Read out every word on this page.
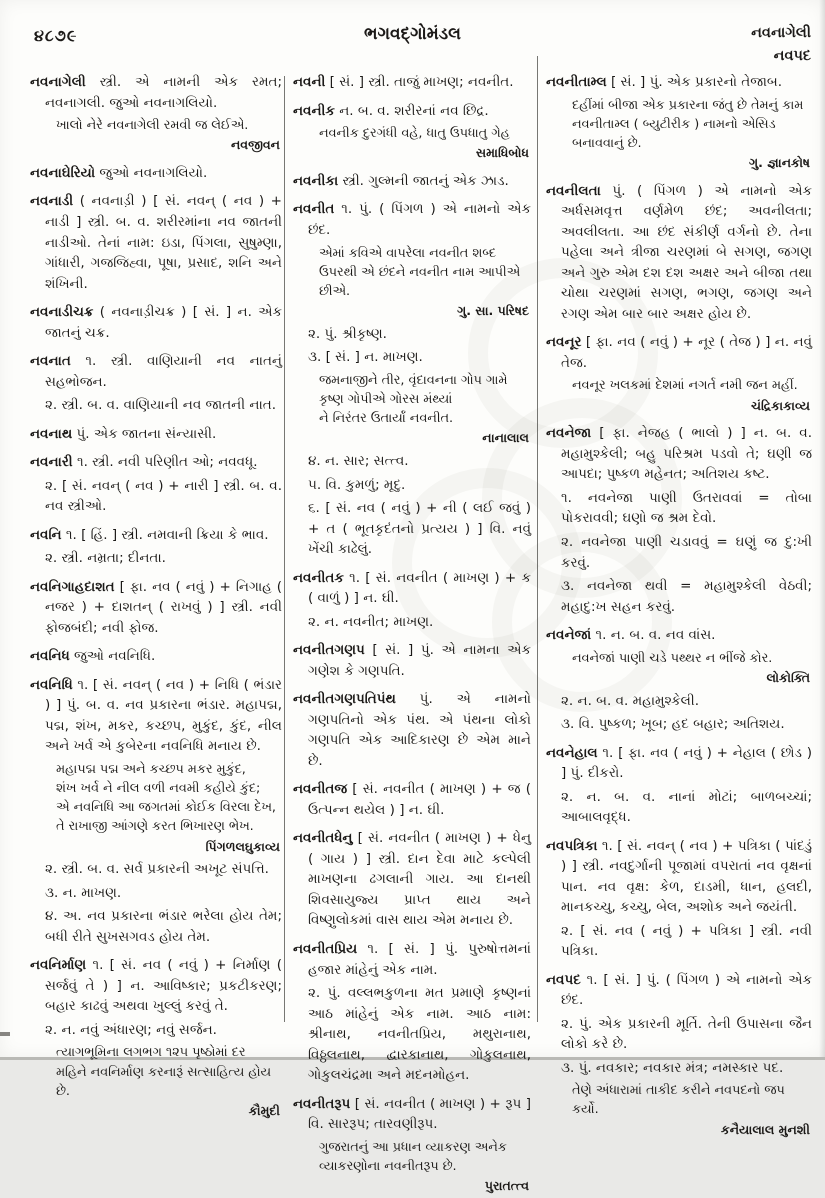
૪૮૭૯	ભગવદ્ગોમંડલ	નવનાગેલી
નવપદ
નવનાગેલી સ્ત્રી. એ નામની એક રમત; નવનાગલી. જુઓ નવનાગલિયો.
ખાલો નેરે નવનાગેલી રમવી જ લેઈએ.
નવજીવન
નવનાઘેરિયો જુઓ નવનાગલિયો.
નવનાડી ( નવનાડ઼ી ) [ સં. નવન્ ( નવ ) + નાડી ] સ્ત્રી. બ. વ. શરીરમાંના નવ જાતની નાડીઓ. તેનાં નામ: ઇડા, પિંગલા, સુષુમ્ણા, ગાંધારી, ગજજિહ્વા, પૂષા, પ્રસાદ, શનિ અને શંખિની.
નવનાડીચક્ર ( નવનાડ઼ીચક્ર ) [ સં. ] ન. એક જાતનું ચક્ર.
નવનાત ૧. સ્ત્રી. વાણિયાની નવ નાતનું સહભોજન.
૨. સ્ત્રી. બ. વ. વાણિયાની નવ જાતની નાત.
નવનાથ પું. એક જાતના સંન્યાસી.
નવનારી ૧. સ્ત્રી. નવી પરિણીત ઓ; નવવધૂ.
૨. [ સં. નવન્ ( નવ ) + નારી ] સ્ત્રી. બ. વ. નવ સ્ત્રીઓ.
નવનિ ૧. [ હિં. ] સ્ત્રી. નમવાની ક્રિયા કે ભાવ.
૨. સ્ત્રી. નમ્રતા; દીનતા.
નવનિગાહદાશત [ ફા. નવ ( નવું ) + નિગાહ ( નજર ) + દાશતન્ ( રાખવું ) ] સ્ત્રી. નવી ફોજબંદી; નવી ફોજ.
નવનિધ જુઓ નવનિધિ.
નવનિધિ ૧. [ સં. નવન્ ( નવ ) + નિધિ ( ભંડાર ) ] પું. બ. વ. નવ પ્રકારના ભંડાર. મહાપદ્મ, પદ્મ, શંખ, મકર, કચ્છપ, મુકુંદ, કુંદ, નીલ અને ખર્વ એ કુબેરના નવનિધિ મનાય છે.
મહાપદ્મ પદ્મ અને કચ્છપ મકર મુકુંદ,
શંખ ખર્વ ને નીલ વળી નવમી કહીયે કુંદ;
એ નવનિધિ આ જગતમાં કોઈક વિરલા દેખ,
તે રાખાજી આંગણે કરત ભિખારણ ભેખ.
પિંગળલઘુકાવ્ય
૨. સ્ત્રી. બ. વ. સર્વ પ્રકારની અખૂટ સંપત્તિ.
૩. ન. માખણ.
૪. અ. નવ પ્રકારના ભંડાર ભરેલા હોય તેમ; બધી રીતે સુખસગવડ હોય તેમ.
નવનિર્માણ ૧. [ સં. નવ ( નવું ) + નિર્માણ ( સર્જવું તે ) ] ન. આવિષ્કાર; પ્રકટીકરણ; બહાર કાઢવું અથવા ખુલ્લું કરવું તે.
૨. ન. નવું અંધારણ; નવું સર્જન.
ત્યાગભૂમિના લગભગ ૧૨૫ પૃષ્ઠોમાં દર મહિને નવનિર્માણ કરનારૂં સત્સાહિત્ય હોય છે.
કૌમુદી
નવની [ સં. ] સ્ત્રી. તાજું માખણ; નવનીત.
નવનીક ન. બ. વ. શરીરનાં નવ છિદ્ર.
નવનીક દુરગંધી વહે, ધાતુ ઉપધાતુ ગેહ
સમાધિબોધ
નવનીકા સ્ત્રી. ગુલ્મની જાતનું એક ઝાડ.
નવનીત ૧. પું. ( પિંગળ ) એ નામનો એક છંદ.
એમાં કવિએ વાપરેલા નવનીત શબ્દ ઉપરથી એ છંદને નવનીત નામ આપીએ છીએ.
ગુ. સા. પરિષદ
૨. પું. શ્રીકૃષ્ણ.
૩. [ સં. ] ન. માખણ.
જમનાજીને તીર, વૃંદાવનના ગોપ ગામે
કૃષ્ણ ગોપીએ ગોરસ મંથ્યાં
ને નિરંતર ઉતાર્યાં નવનીત.
નાનાલાલ
૪. ન. સાર; સત્ત્વ.
૫. વિ. કુમળું; મૃદુ.
૬. [ સં. નવ ( નવું ) + ની ( લઈ જવું ) + ત ( ભૂતકૃદંતનો પ્રત્યય ) ] વિ. નવું ખેંચી કાઢેલું.
નવનીતક ૧. [ સં. નવનીત ( માખણ ) + ક ( વાળું ) ] ન. ઘી.
૨. ન. નવનીત; માખણ.
નવનીતગણપ [ સં. ] પું. એ નામના એક ગણેશ કે ગણપતિ.
નવનીતગણપતિપંથ પું. એ નામનો ગણપતિનો એક પંથ. એ પંથના લોકો ગણપતિ એક આદિકારણ છે એમ માને છે.
નવનીતજ [ સં. નવનીત ( માખણ ) + જ ( ઉત્પન્ન થયેલ ) ] ન. ઘી.
નવનીતધેનુ [ સં. નવનીત ( માખણ ) + ધેનુ ( ગાય ) ] સ્ત્રી. દાન દેવા માટે કલ્પેલી માખણના ઢગલાની ગાય. આ દાનથી શિવસાયુજ્ય પ્રાપ્ત થાય અને વિષ્ણુલોકમાં વાસ થાય એમ મનાય છે.
નવનીતપ્રિય ૧. [ સં. ] પું. પુરુષોત્તમનાં હજાર માંહેનું એક નામ.
૨. પું. વલ્લભકુળના મત પ્રમાણે કૃષ્ણનાં આઠ માંહેનું એક નામ. આઠ નામ: શ્રીનાથ, નવનીતપ્રિય, મથુરાનાથ, વિઠ્ઠલનાથ, દ્વારકાનાથ, ગોકુલનાથ, ગોકુલચંદ્રમા અને મદનમોહન.
નવનીતરૂપ [ સં. નવનીત ( માખણ ) + રૂપ ] વિ. સારરૂપ; તારવણીરૂપ.
ગુજરાતનું આ પ્રધાન વ્યાકરણ અનેક વ્યાકરણોના નવનીતરૂપ છે.
પુરાતત્ત્વ
નવનીતામ્લ [ સં. ] પું. એક પ્રકારનો તેજાબ.
દહીંમાં બીજા એક પ્રકારના જંતુ છે તેમનું કામ નવનીતામ્લ ( બ્યુટીરીક ) નામનો એસિડ બનાવવાનું છે.
ગુ. જ્ઞાનકોષ
નવનીલતા પું. ( પિંગળ ) એ નામનો એક અર્ધસમવૃત્ત વર્ણમેળ છંદ; અવનીલતા; અવલીલતા. આ છંદ સંકીર્ણ વર્ગનો છે. તેના પહેલા અને ત્રીજા ચરણમાં બે સગણ, જગણ અને ગુરુ એમ દશ દશ અક્ષર અને બીજા તથા ચોથા ચરણમાં સગણ, ભગણ, જગણ અને રગણ એમ બાર બાર અક્ષર હોય છે.
નવનૂર [ ફા. નવ ( નવું ) + નૂર ( તેજ ) ] ન. નવું તેજ.
નવનૂર ખલકમાં દેશમાં નગર્ત નમી જન મહીં.
ચંદ્રિકાકાવ્ય
નવનેજા [ ફા. નેજહ ( ભાલો ) ] ન. બ. વ. મહામુશ્કેલી; બહુ પરિશ્રમ પડવો તે; ઘણી જ આપદા; પુષ્કળ મહેનત; અતિશય કષ્ટ.
૧. નવનેજા પાણી ઉતરાવવાં = તોબા પોકરાવવી; ઘણો જ શ્રમ દેવો.
૨. નવનેજા પાણી ચડાવવું = ઘણું જ દુ:ખી કરવું.
૩. નવનેજા થવી = મહામુશ્કેલી વેઠવી; મહાદુ:ખ સહન કરવું.
નવનેજાં ૧. ન. બ. વ. નવ વાંસ.
નવનેજાં પાણી ચડે પથ્થર ન ભીંજે કોર.
લોકોક્તિ
૨. ન. બ. વ. મહામુશ્કેલી.
૩. વિ. પુષ્કળ; ખૂબ; હદ બહાર; અતિશય.
નવનેહાલ ૧. [ ફા. નવ ( નવું ) + નેહાલ ( છોડ ) ] પું. દીકરો.
૨. ન. બ. વ. નાનાં મોટાં; બાળબચ્ચાં; આબાલવૃદ્ધ.
નવપત્રિકા ૧. [ સં. નવન્ ( નવ ) + પત્રિકા ( પાંદડું ) ] સ્ત્રી. નવદુર્ગાની પૂજામાં વપરાતાં નવ વૃક્ષનાં પાન. નવ વૃક્ષ: કેળ, દાડમી, ધાન, હલદી, માનકચ્ચુ, કચ્ચુ, બેલ, અશોક અને જયંતી.
૨. [ સં. નવ ( નવું ) + પત્રિકા ] સ્ત્રી. નવી પત્રિકા.
નવપદ ૧. [ સં. ] પું. ( પિંગળ ) એ નામનો એક છંદ.
૨. પું. એક પ્રકારની મૂર્તિ. તેની ઉપાસના જૈન લોકો કરે છે.
૩. પું. નવકાર; નવકાર મંત્ર; નમસ્કાર પદ.
તેણે અંધારામાં તાકીદ કરીને નવપદનો જપ કર્યો.
કનૈયાલાલ મુનશી
